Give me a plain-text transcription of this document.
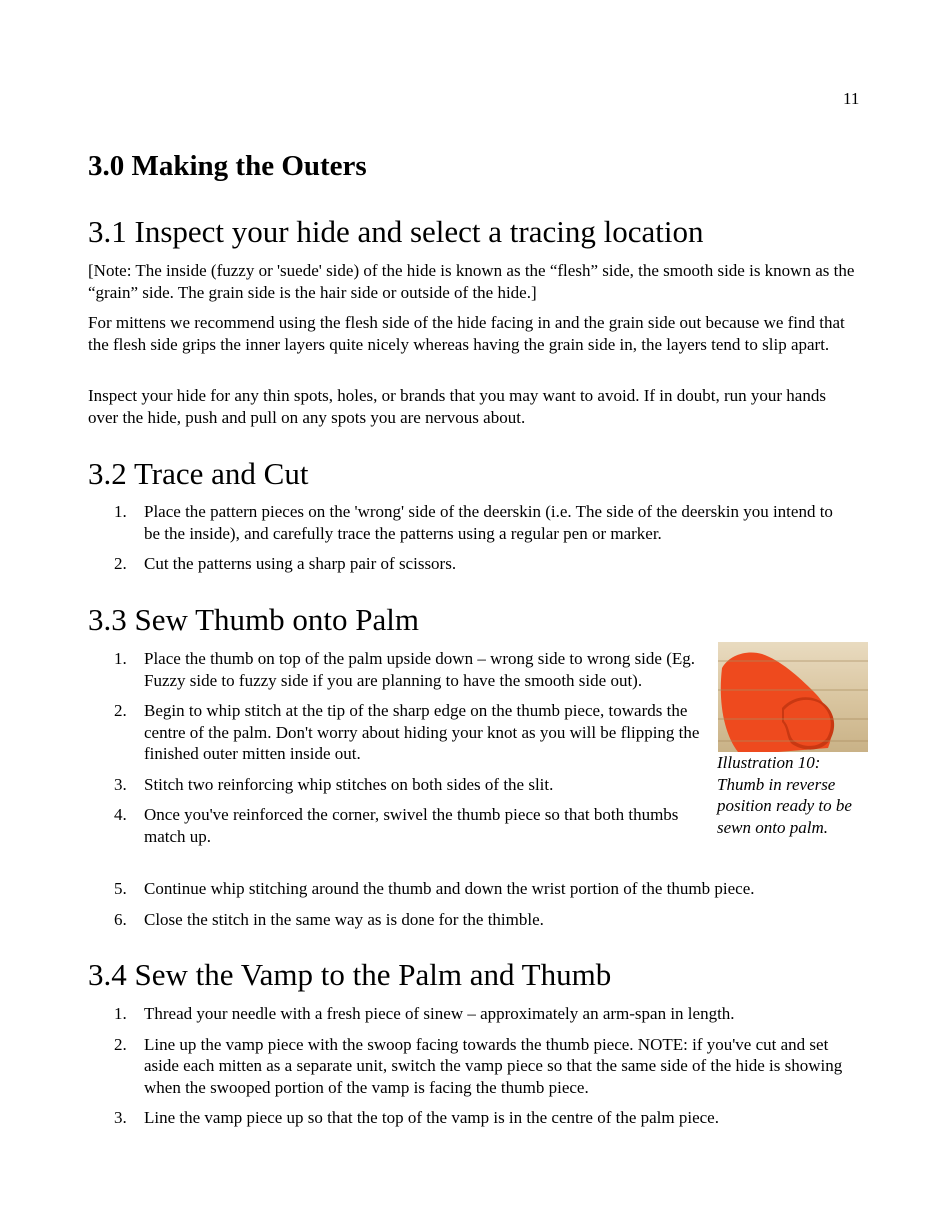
11
3.0 Making the Outers
3.1 Inspect your hide and select a tracing location

[Note: The inside (fuzzy or 'suede' side) of the hide is known as the “flesh” side, the smooth side is known as the “grain” side. The grain side is the hair side or outside of the hide.]

For mittens we recommend using the flesh side of the hide facing in and the grain side out because we find that the flesh side grips the inner layers quite nicely whereas having the grain side in, the layers tend to slip apart.

Inspect your hide for any thin spots, holes, or brands that you may want to avoid. If in doubt, run your hands over the hide, push and pull on any spots you are nervous about.

3.2 Trace and Cut
1. Place the pattern pieces on the 'wrong' side of the deerskin (i.e. The side of the deerskin you intend to be the inside), and carefully trace the patterns using a regular pen or marker.
2. Cut the patterns using a sharp pair of scissors.
3.3 Sew Thumb onto Palm
1. Place the thumb on top of the palm upside down – wrong side to wrong side (Eg. Fuzzy side to fuzzy side if you are planning to have the smooth side out).
2. Begin to whip stitch at the tip of the sharp edge on the thumb piece, towards the centre of the palm. Don't worry about hiding your knot as you will be flipping the finished outer mitten inside out.
3. Stitch two reinforcing whip stitches on both sides of the slit.
4. Once you've reinforced the corner, swivel the thumb piece so that both thumbs match up.
5. Continue whip stitching around the thumb and down the wrist portion of the thumb piece.
6. Close the stitch in the same way as is done for the thimble.
3.4 Sew the Vamp to the Palm and Thumb
1. Thread your needle with a fresh piece of sinew – approximately an arm-span in length.
2. Line up the vamp piece with the swoop facing towards the thumb piece. NOTE: if you've cut and set aside each mitten as a separate unit, switch the vamp piece so that the same side of the hide is showing when the swooped portion of the vamp is facing the thumb piece.
3. Line the vamp piece up so that the top of the vamp is in the centre of the palm piece.
Illustration 10: Thumb in reverse position ready to be sewn onto palm.
